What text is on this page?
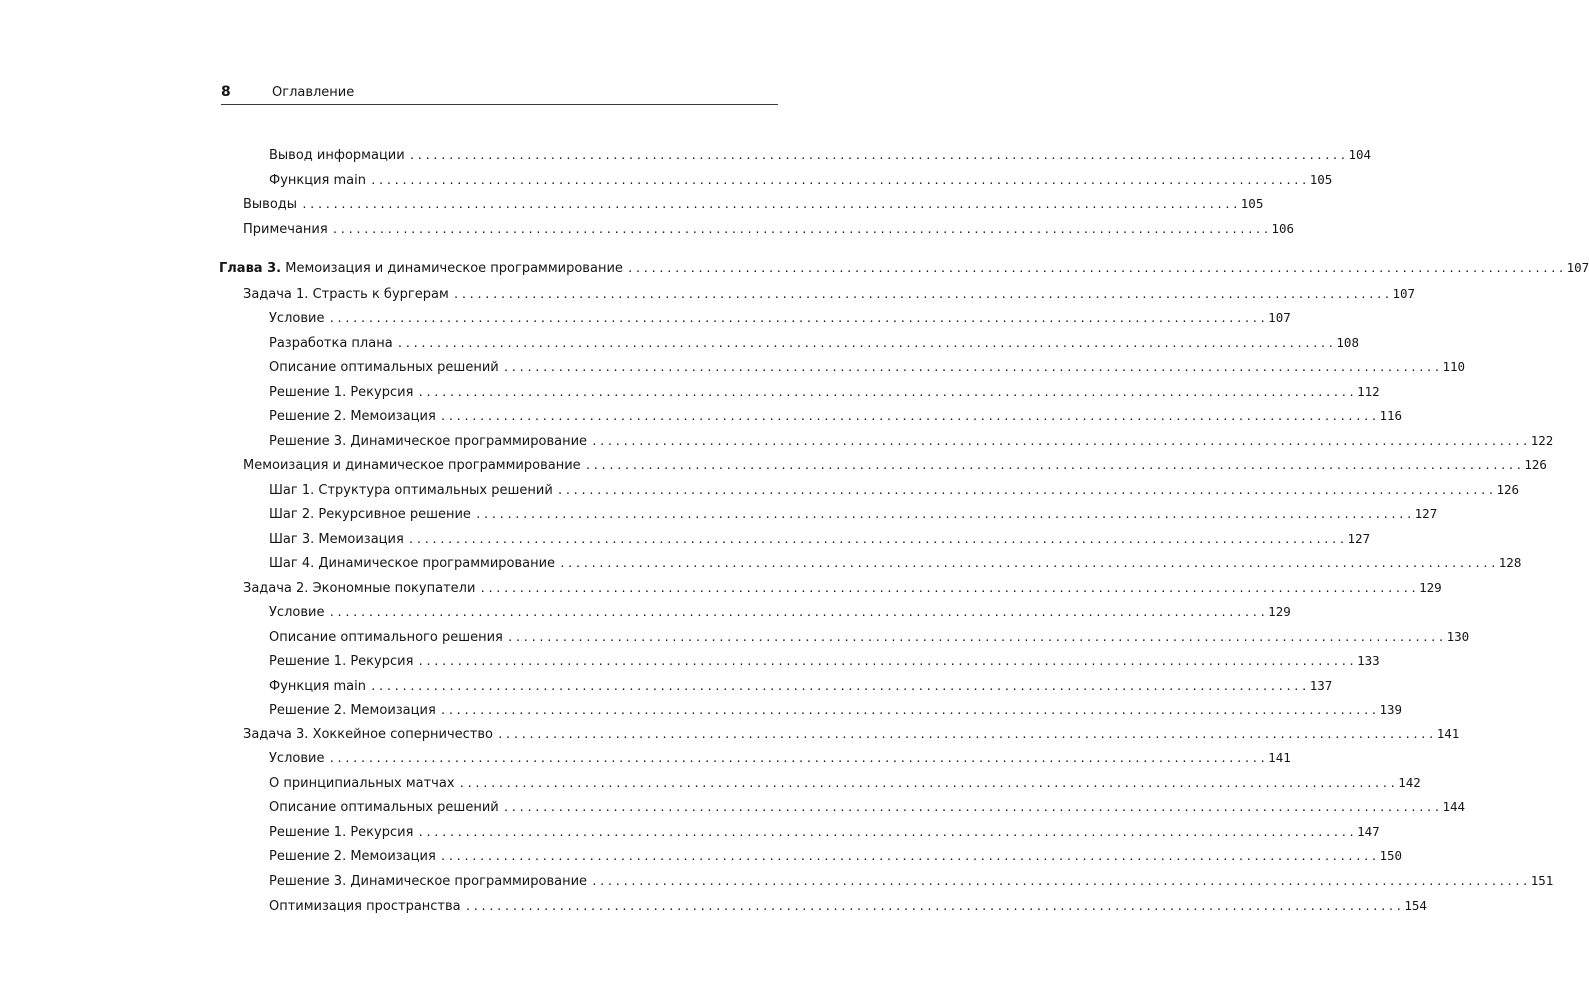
8	Оглавление
Вывод информации ........................................................................................................................ 104
Функция main ........................................................................................................................ 105
Выводы ........................................................................................................................ 105
Примечания ........................................................................................................................ 106
Глава 3. Мемоизация и динамическое программирование ........................................................................................................................ 107
Задача 1. Страсть к бургерам ........................................................................................................................ 107
Условие ........................................................................................................................ 107
Разработка плана ........................................................................................................................ 108
Описание оптимальных решений ........................................................................................................................ 110
Решение 1. Рекурсия ........................................................................................................................ 112
Решение 2. Мемоизация ........................................................................................................................ 116
Решение 3. Динамическое программирование ........................................................................................................................ 122
Мемоизация и динамическое программирование ........................................................................................................................ 126
Шаг 1. Структура оптимальных решений ........................................................................................................................ 126
Шаг 2. Рекурсивное решение ........................................................................................................................ 127
Шаг 3. Мемоизация ........................................................................................................................ 127
Шаг 4. Динамическое программирование ........................................................................................................................ 128
Задача 2. Экономные покупатели ........................................................................................................................ 129
Условие ........................................................................................................................ 129
Описание оптимального решения ........................................................................................................................ 130
Решение 1. Рекурсия ........................................................................................................................ 133
Функция main ........................................................................................................................ 137
Решение 2. Мемоизация ........................................................................................................................ 139
Задача 3. Хоккейное соперничество ........................................................................................................................ 141
Условие ........................................................................................................................ 141
О принципиальных матчах ........................................................................................................................ 142
Описание оптимальных решений ........................................................................................................................ 144
Решение 1. Рекурсия ........................................................................................................................ 147
Решение 2. Мемоизация ........................................................................................................................ 150
Решение 3. Динамическое программирование ........................................................................................................................ 151
Оптимизация пространства ........................................................................................................................ 154
